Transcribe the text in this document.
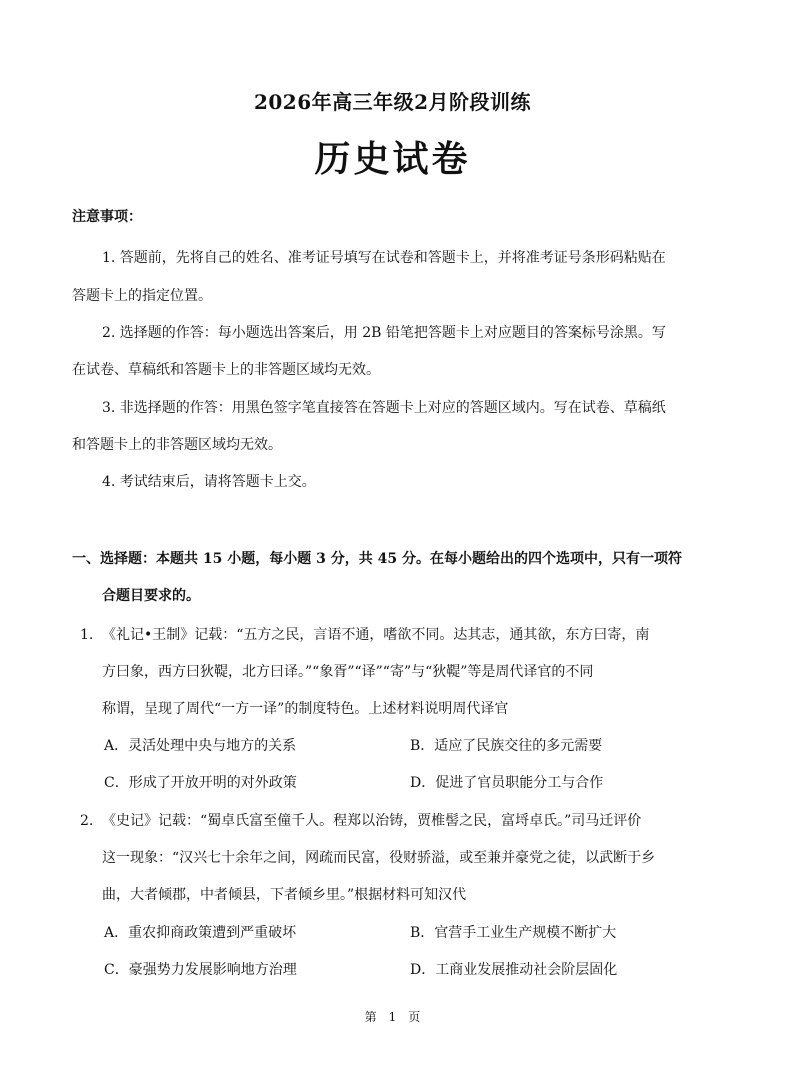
2026年高三年级2月阶段训练
历史试卷
注意事项：
1. 答题前，先将自己的姓名、准考证号填写在试卷和答题卡上，并将准考证号条形码粘贴在
答题卡上的指定位置。
2. 选择题的作答：每小题选出答案后，用 2B 铅笔把答题卡上对应题目的答案标号涂黑。写
在试卷、草稿纸和答题卡上的非答题区域均无效。
3. 非选择题的作答：用黑色签字笔直接答在答题卡上对应的答题区域内。写在试卷、草稿纸
和答题卡上的非答题区域均无效。
4. 考试结束后，请将答题卡上交。
一、选择题：本题共 15 小题，每小题 3 分，共 45 分。在每小题给出的四个选项中，只有一项符
合题目要求的。
1. 《礼记•王制》记载：“五方之民，言语不通，嗜欲不同。达其志，通其欲，东方曰寄，南
方曰象，西方曰狄鞮，北方曰译。”“象胥”“译”“寄”与“狄鞮”等是周代译官的不同
称谓，呈现了周代“一方一译”的制度特色。上述材料说明周代译官
A．灵活处理中央与地方的关系	B．适应了民族交往的多元需要
C．形成了开放开明的对外政策	D．促进了官员职能分工与合作
2. 《史记》记载：“蜀卓氏富至僮千人。程郑以治铸，贾椎髻之民，富埒卓氏。”司马迁评价
这一现象：“汉兴七十余年之间，网疏而民富，役财骄溢，或至兼并豪党之徒，以武断于乡
曲，大者倾郡，中者倾县，下者倾乡里。”根据材料可知汉代
A．重农抑商政策遭到严重破坏	B．官营手工业生产规模不断扩大
C．豪强势力发展影响地方治理	D．工商业发展推动社会阶层固化
第　1　页
